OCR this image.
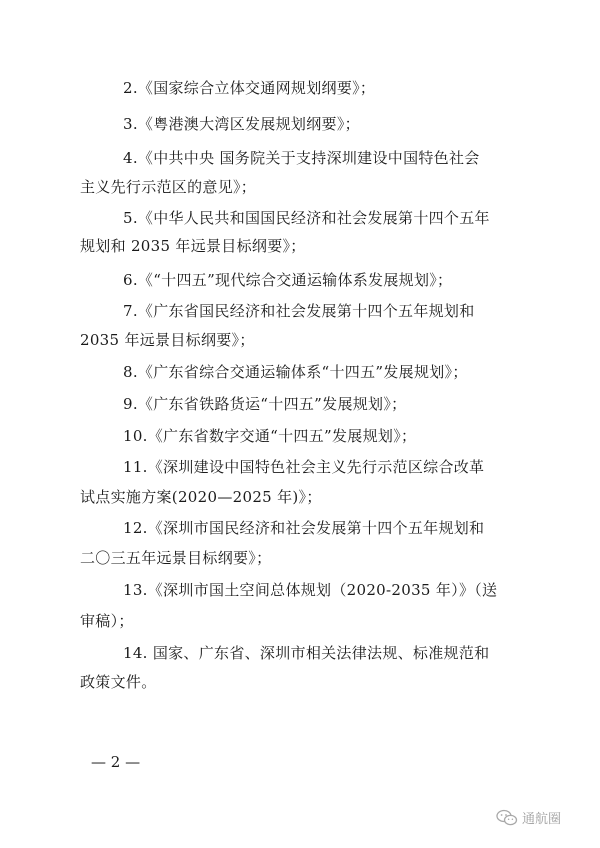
2.《国家综合立体交通网规划纲要》；
3.《粤港澳大湾区发展规划纲要》；
4.《中共中央 国务院关于支持深圳建设中国特色社会
主义先行示范区的意见》；
5.《中华人民共和国国民经济和社会发展第十四个五年
规划和 2035 年远景目标纲要》；
6.《“十四五”现代综合交通运输体系发展规划》；
7.《广东省国民经济和社会发展第十四个五年规划和
2035 年远景目标纲要》；
8.《广东省综合交通运输体系“十四五”发展规划》；
9.《广东省铁路货运“十四五”发展规划》；
10.《广东省数字交通“十四五”发展规划》；
11.《深圳建设中国特色社会主义先行示范区综合改革
试点实施方案(2020—2025 年)》；
12.《深圳市国民经济和社会发展第十四个五年规划和
二〇三五年远景目标纲要》；
13.《深圳市国土空间总体规划（2020-2035 年）》（送
审稿）；
14. 国家、广东省、深圳市相关法律法规、标准规范和
政策文件。
— 2 —
通航圈
